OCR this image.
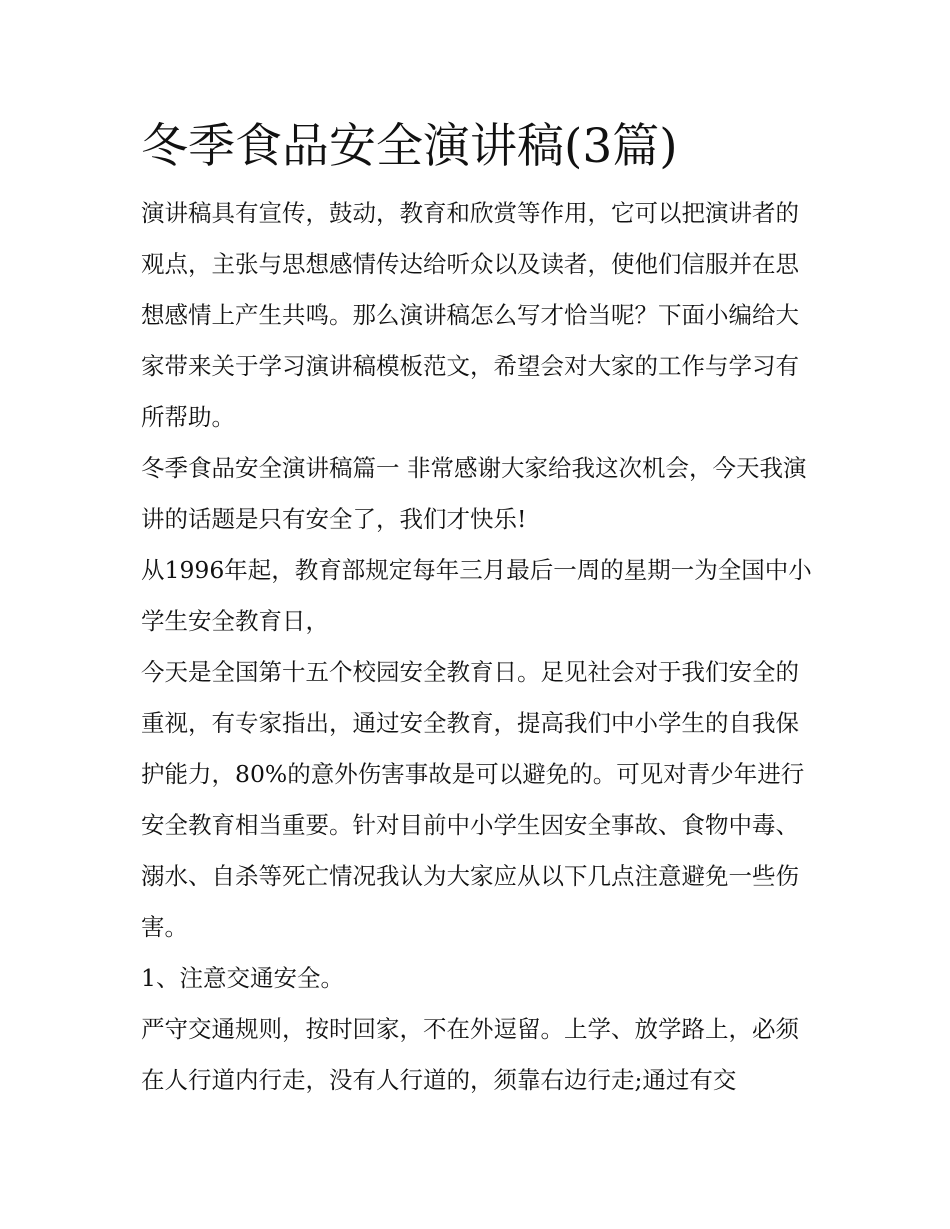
冬季食品安全演讲稿(3篇)

演讲稿具有宣传，鼓动，教育和欣赏等作用，它可以把演讲者的观点，主张与思想感情传达给听众以及读者，使他们信服并在思想感情上产生共鸣。那么演讲稿怎么写才恰当呢？下面小编给大家带来关于学习演讲稿模板范文，希望会对大家的工作与学习有所帮助。

冬季食品安全演讲稿篇一 非常感谢大家给我这次机会，今天我演讲的话题是只有安全了，我们才快乐!

从1996年起，教育部规定每年三月最后一周的星期一为全国中小学生安全教育日，

今天是全国第十五个校园安全教育日。足见社会对于我们安全的重视，有专家指出，通过安全教育，提高我们中小学生的自我保护能力，80%的意外伤害事故是可以避免的。可见对青少年进行安全教育相当重要。针对目前中小学生因安全事故、食物中毒、溺水、自杀等死亡情况我认为大家应从以下几点注意避免一些伤害。

1、注意交通安全。

严守交通规则，按时回家，不在外逗留。上学、放学路上，必须在人行道内行走，没有人行道的，须靠右边行走;通过有交
